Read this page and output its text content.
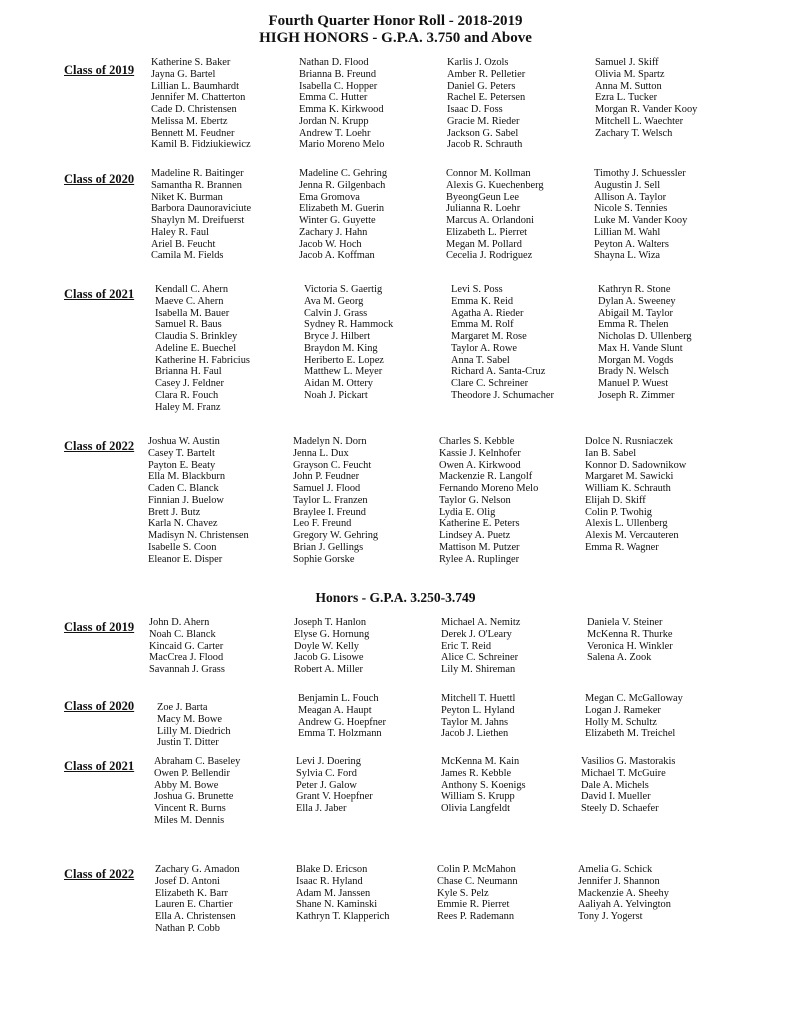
Fourth Quarter Honor Roll - 2018-2019
HIGH HONORS - G.P.A. 3.750 and Above
Honors - G.P.A. 3.250-3.749
Class of 2019
Katherine S. Baker
Jayna G. Bartel
Lillian L. Baumhardt
Jennifer M. Chatterton
Cade D. Christensen
Melissa M. Ebertz
Bennett M. Feudner
Kamil B. Fidziukiewicz
Nathan D. Flood
Brianna B. Freund
Isabella C. Hopper
Emma C. Hutter
Emma K. Kirkwood
Jordan N. Krupp
Andrew T. Loehr
Mario Moreno Melo
Karlis J. Ozols
Amber R. Pelletier
Daniel G. Peters
Rachel E. Petersen
Isaac D. Foss
Gracie M. Rieder
Jackson G. Sabel
Jacob R. Schrauth
Samuel J. Skiff
Olivia M. Spartz
Anna M. Sutton
Ezra L. Tucker
Morgan R. Vander Kooy
Mitchell L. Waechter
Zachary T. Welsch
Class of 2020 Madeline R. Baitinger
Samantha R. Brannen
Niket K. Burman
Barbora Daunoraviciute
Shaylyn M. Dreifuerst
Haley R. Faul
Ariel B. Feucht
Camila M. Fields
Madeline C. Gehring
Jenna R. Gilgenbach
Ema Gromova
Elizabeth M. Guerin
Winter G. Guyette
Zachary J. Hahn
Jacob W. Hoch
Jacob A. Koffman
Connor M. Kollman
Alexis G. Kuechenberg
ByeongGeun Lee
Julianna R. Loehr
Marcus A. Orlandoni
Elizabeth L. Pierret
Megan M. Pollard
Cecelia J. Rodriguez
Timothy J. Schuessler
Augustin J. Sell
Allison A. Taylor
Nicole S. Tennies
Luke M. Vander Kooy
Lillian M. Wahl
Peyton A. Walters
Shayna L. Wiza
Class of 2021 Kendall C. Ahern
Maeve C. Ahern
Isabella M. Bauer
Samuel R. Baus
Claudia S. Brinkley
Adeline E. Buechel
Katherine H. Fabricius
Brianna H. Faul
Casey J. Feldner
Clara R. Fouch
Haley M. Franz
Victoria S. Gaertig
Ava M. Georg
Calvin J. Grass
Sydney R. Hammock
Bryce J. Hilbert
Braydon M. King
Heriberto E. Lopez
Matthew L. Meyer
Aidan M. Ottery
Noah J. Pickart
Levi S. Poss
Emma K. Reid
Agatha A. Rieder
Emma M. Rolf
Margaret M. Rose
Taylor A. Rowe
Anna T. Sabel
Richard A. Santa-Cruz
Clare C. Schreiner
Theodore J. Schumacher
Kathryn R. Stone
Dylan A. Sweeney
Abigail M. Taylor
Emma R. Thelen
Nicholas D. Ullenberg
Max H. Vande Slunt
Morgan M. Vogds
Brady N. Welsch
Manuel P. Wuest
Joseph R. Zimmer
Class of 2022 Joshua W. Austin
Casey T. Bartelt
Payton E. Beaty
Ella M. Blackburn
Caden C. Blanck
Finnian J. Buelow
Brett J. Butz
Karla N. Chavez
Madisyn N. Christensen
Isabelle S. Coon
Eleanor E. Disper
Madelyn N. Dorn
Jenna L. Dux
Grayson C. Feucht
John P. Feudner
Samuel J. Flood
Taylor L. Franzen
Braylee I. Freund
Leo F. Freund
Gregory W. Gehring
Brian J. Gellings
Sophie Gorske
Charles S. Kebble
Kassie J. Kelnhofer
Owen A. Kirkwood
Mackenzie R. Langolf
Fernando Moreno Melo
Taylor G. Nelson
Lydia E. Olig
Katherine E. Peters
Lindsey A. Puetz
Mattison M. Putzer
Rylee A. Ruplinger
Dolce N. Rusniaczek
Ian B. Sabel
Konnor D. Sadownikow
Margaret M. Sawicki
William K. Schrauth
Elijah D. Skiff
Colin P. Twohig
Alexis L. Ullenberg
Alexis M. Vercauteren
Emma R. Wagner
Class of 2019 John D. Ahern
Noah C. Blanck
Kincaid G. Carter
MacCrea J. Flood
Savannah J. Grass
Joseph T. Hanlon
Elyse G. Hornung
Doyle W. Kelly
Jacob G. Lisowe
Robert A. Miller
Michael A. Nemitz
Derek J. O'Leary
Eric T. Reid
Alice C. Schreiner
Lily M. Shireman
Daniela V. Steiner
McKenna R. Thurke
Veronica H. Winkler
Salena A. Zook
Class of 2020 Zoe J. Barta
Macy M. Bowe
Lilly M. Diedrich
Justin T. Ditter
Benjamin L. Fouch
Meagan A. Haupt
Andrew G. Hoepfner
Emma T. Holzmann
Mitchell T. Huettl
Peyton L. Hyland
Taylor M. Jahns
Jacob J. Liethen
Megan C. McGalloway
Logan J. Rameker
Holly M. Schultz
Elizabeth M. Treichel
Class of 2021 Abraham C. Baseley
Owen P. Bellendir
Abby M. Bowe
Joshua G. Brunette
Vincent R. Burns
Miles M. Dennis
Levi J. Doering
Sylvia C. Ford
Peter J. Galow
Grant V. Hoepfner
Ella J. Jaber
McKenna M. Kain
James R. Kebble
Anthony S. Koenigs
William S. Krupp
Olivia Langfeldt
Vasilios G. Mastorakis
Michael T. McGuire
Dale A. Michels
David I. Mueller
Steely D. Schaefer
Class of 2022 Zachary G. Amadon
Josef D. Antoni
Elizabeth K. Barr
Lauren E. Chartier
Ella A. Christensen
Nathan P. Cobb
Blake D. Ericson
Isaac R. Hyland
Adam M. Janssen
Shane N. Kaminski
Kathryn T. Klapperich
Colin P. McMahon
Chase C. Neumann
Kyle S. Pelz
Emmie R. Pierret
Rees P. Rademann
Amelia G. Schick
Jennifer J. Shannon
Mackenzie A. Sheehy
Aaliyah A. Yelvington
Tony J. Yogerst
